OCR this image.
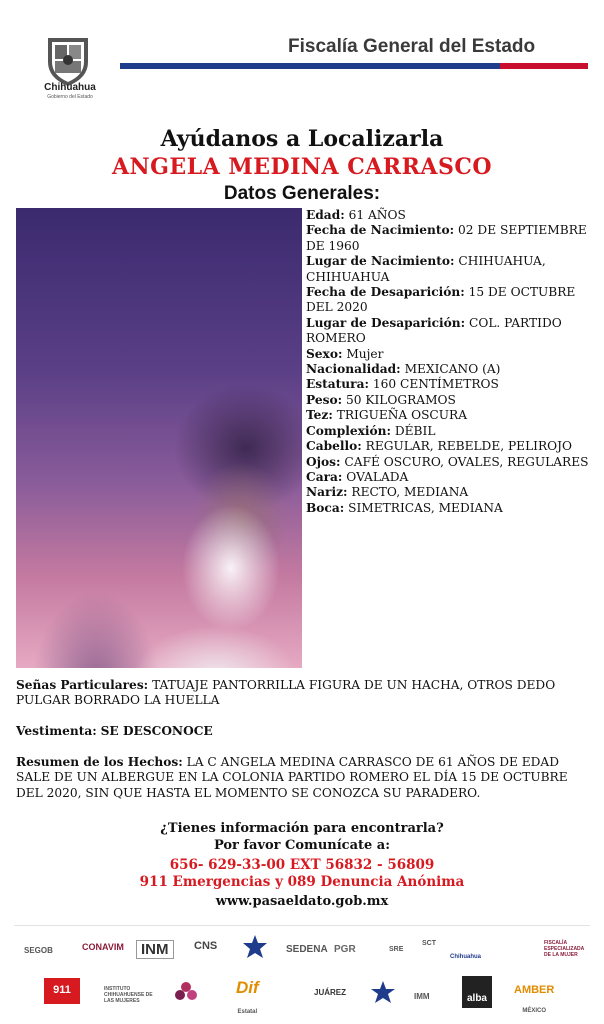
Chihuahua
Gobierno del Estado
Fiscalía General del Estado
Ayúdanos a Localizarla
ANGELA MEDINA CARRASCO
Datos Generales:

Edad: 61 AÑOS

Fecha de Nacimiento: 02 DE SEPTIEMBRE DE 1960

Lugar de Nacimiento: CHIHUAHUA, CHIHUAHUA

Fecha de Desaparición: 15 DE OCTUBRE DEL 2020

Lugar de Desaparición: COL. PARTIDO ROMERO

Sexo: Mujer

Nacionalidad: MEXICANO (A)

Estatura: 160 CENTÍMETROS

Peso: 50 KILOGRAMOS

Tez: TRIGUEÑA OSCURA

Complexión: DÉBIL

Cabello: REGULAR, REBELDE, PELIROJO

Ojos: CAFÉ OSCURO, OVALES, REGULARES

Cara: OVALADA

Nariz: RECTO, MEDIANA

Boca: SIMETRICAS, MEDIANA

Señas Particulares: TATUAJE PANTORRILLA FIGURA DE UN HACHA, OTROS DEDO PULGAR BORRADO LA HUELLA
Vestimenta: SE DESCONOCE
Resumen de los Hechos: LA C ANGELA MEDINA CARRASCO DE 61 AÑOS DE EDAD SALE DE UN ALBERGUE EN LA COLONIA PARTIDO ROMERO EL DÍA 15 DE OCTUBRE DEL 2020, SIN QUE HASTA EL MOMENTO SE CONOZCA SU PARADERO.
¿Tienes información para encontrarla?
Por favor Comunícate a:
656- 629-33-00 EXT 56832 - 56809
911 Emergencias y 089 Denuncia Anónima
www.pasaeldato.gob.mx
SEGOB	CONAVIM	INM	CNS	SEDENA PGR	SRE
SCT
Chihuahua
FISCALÍA ESPECIALIZADA DE LA MUJER
911
EMERGENCIAS
INSTITUTO CHIHUAHUENSE DE LAS MUJERES
Dif
Estatal
JUÁREZ	IMM	alba
AMBER
MÉXICO
